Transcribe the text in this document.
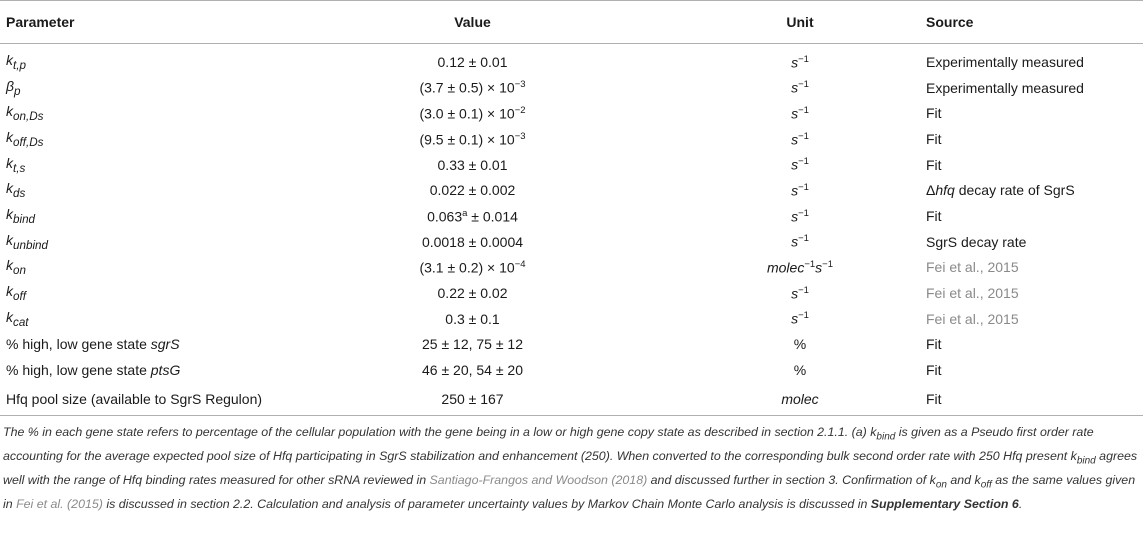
Parameter	Value	Unit	Source
$k_{t,p}$	0.12 ± 0.01	$s^{-1}$	Experimentally measured
$\beta_p$	$(3.7 \pm 0.5) \times 10^{-3}$	$s^{-1}$	Experimentally measured
$k_{on,Ds}$	$(3.0 \pm 0.1) \times 10^{-2}$	$s^{-1}$	Fit
$k_{off,Ds}$	$(9.5 \pm 0.1) \times 10^{-3}$	$s^{-1}$	Fit
$k_{t,s}$	0.33 ± 0.01	$s^{-1}$	Fit
$k_{ds}$	0.022 ± 0.002	$s^{-1}$	Δhfq decay rate of SgrS
$k_{bind}$	0.063$^a$ ± 0.014	$s^{-1}$	Fit
$k_{unbind}$	0.0018 ± 0.0004	$s^{-1}$	SgrS decay rate
$k_{on}$	$(3.1 \pm 0.2) \times 10^{-4}$	$molec^{-1}s^{-1}$	Fei et al., 2015
$k_{off}$	0.22 ± 0.02	$s^{-1}$	Fei et al., 2015
$k_{cat}$	0.3 ± 0.1	$s^{-1}$	Fei et al., 2015
% high, low gene state sgrS	25 ± 12, 75 ± 12	%	Fit
% high, low gene state ptsG	46 ± 20, 54 ± 20	%	Fit
Hfq pool size (available to SgrS Regulon)	250 ± 167	molec	Fit
The % in each gene state refers to percentage of the cellular population with the gene being in a low or high gene copy state as described in section 2.1.1. (a) $k_{bind}$ is given as a Pseudo first order rate accounting for the average expected pool size of Hfq participating in SgrS stabilization and enhancement (250). When converted to the corresponding bulk second order rate with 250 Hfq present $k_{bind}$ agrees well with the range of Hfq binding rates measured for other sRNA reviewed in Santiago-Frangos and Woodson (2018) and discussed further in section 3. Confirmation of $k_{on}$ and $k_{off}$ as the same values given in Fei et al. (2015) is discussed in section 2.2. Calculation and analysis of parameter uncertainty values by Markov Chain Monte Carlo analysis is discussed in Supplementary Section 6.
